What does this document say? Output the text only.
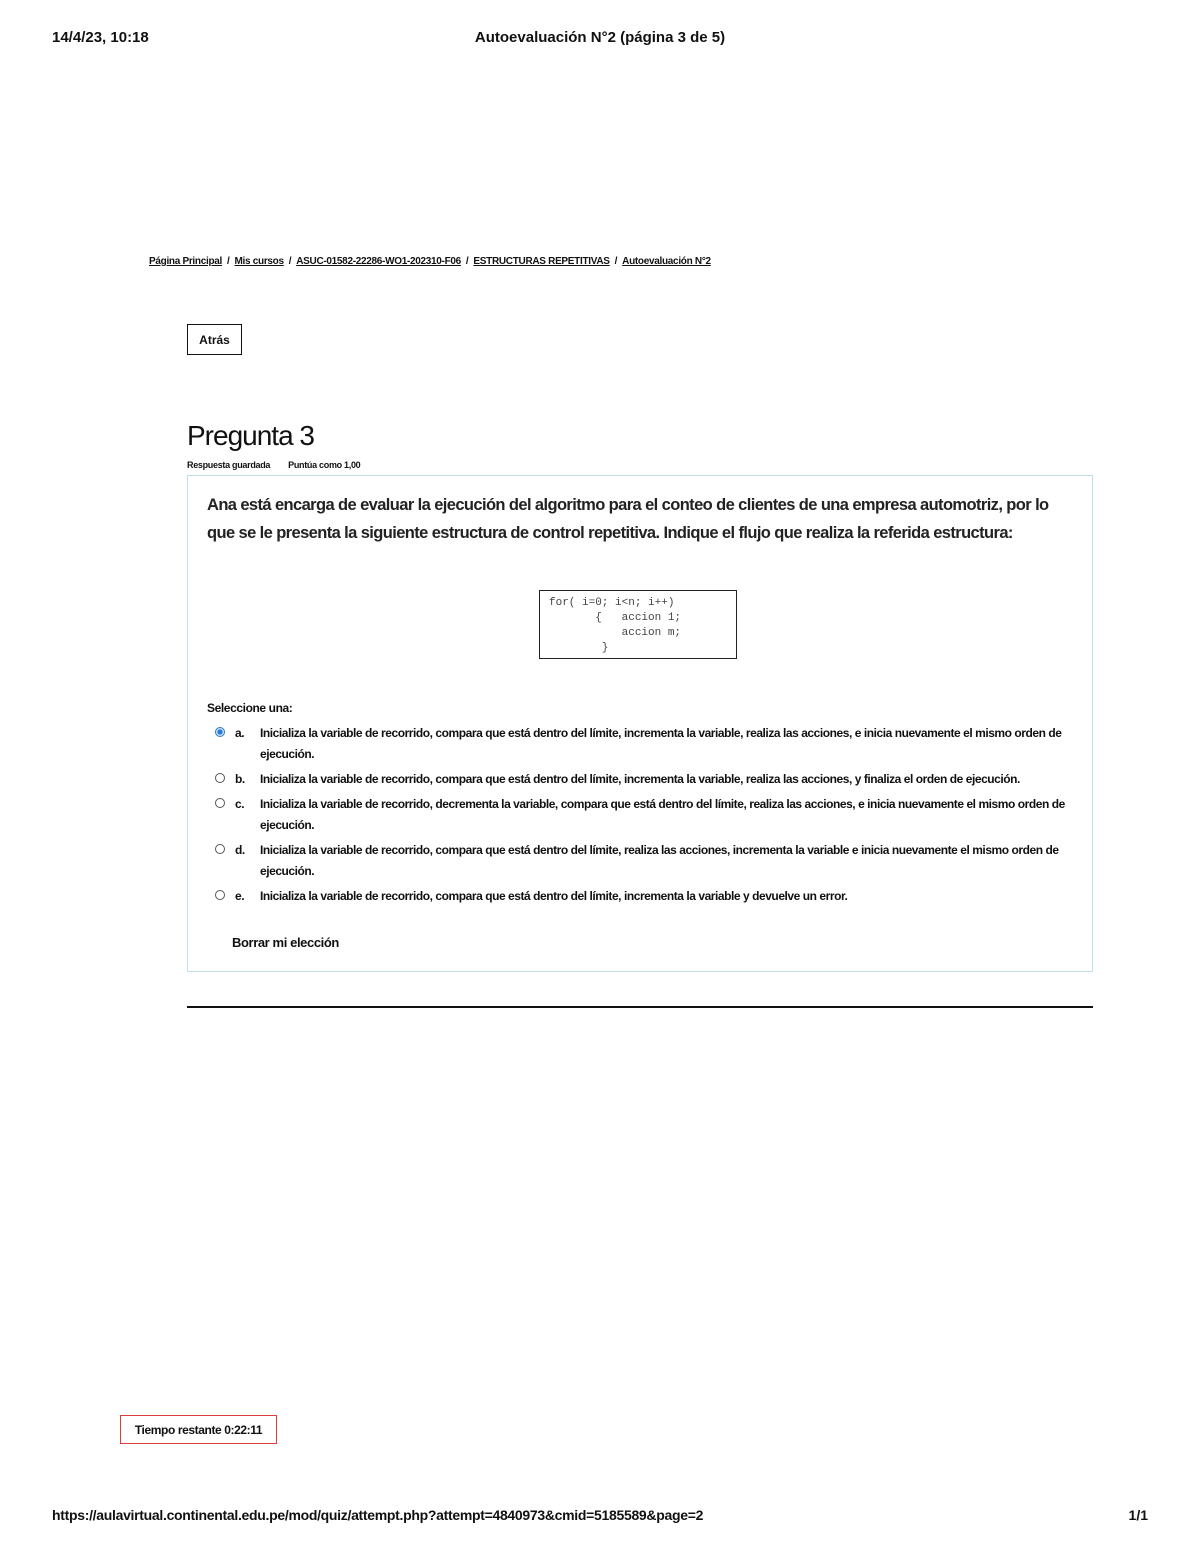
14/4/23, 10:18	Autoevaluación N°2 (página 3 de 5)
Página Principal / Mis cursos / ASUC-01582-22286-WO1-202310-F06 / ESTRUCTURAS REPETITIVAS / Autoevaluación N°2
Atrás
Pregunta 3
Respuesta guardada Puntúa como 1,00

Ana está encarga de evaluar la ejecución del algoritmo para el conteo de clientes de una empresa automotriz, por lo que se le presenta la siguiente estructura de control repetitiva. Indique el flujo que realiza la referida estructura:

for( i=0; i<n; i++)
{   accion 1;
accion m;
}
Seleccione una:
a. Inicializa la variable de recorrido, compara que está dentro del límite, incrementa la variable, realiza las acciones, e inicia nuevamente el mismo orden de ejecución.
b. Inicializa la variable de recorrido, compara que está dentro del límite, incrementa la variable, realiza las acciones, y finaliza el orden de ejecución.
c. Inicializa la variable de recorrido, decrementa la variable, compara que está dentro del límite, realiza las acciones, e inicia nuevamente el mismo orden de ejecución.
d. Inicializa la variable de recorrido, compara que está dentro del límite, realiza las acciones, incrementa la variable e inicia nuevamente el mismo orden de ejecución.
e. Inicializa la variable de recorrido, compara que está dentro del límite, incrementa la variable y devuelve un error.
Borrar mi elección
Tiempo restante 0:22:11
https://aulavirtual.continental.edu.pe/mod/quiz/attempt.php?attempt=4840973&cmid=5185589&page=2	1/1
